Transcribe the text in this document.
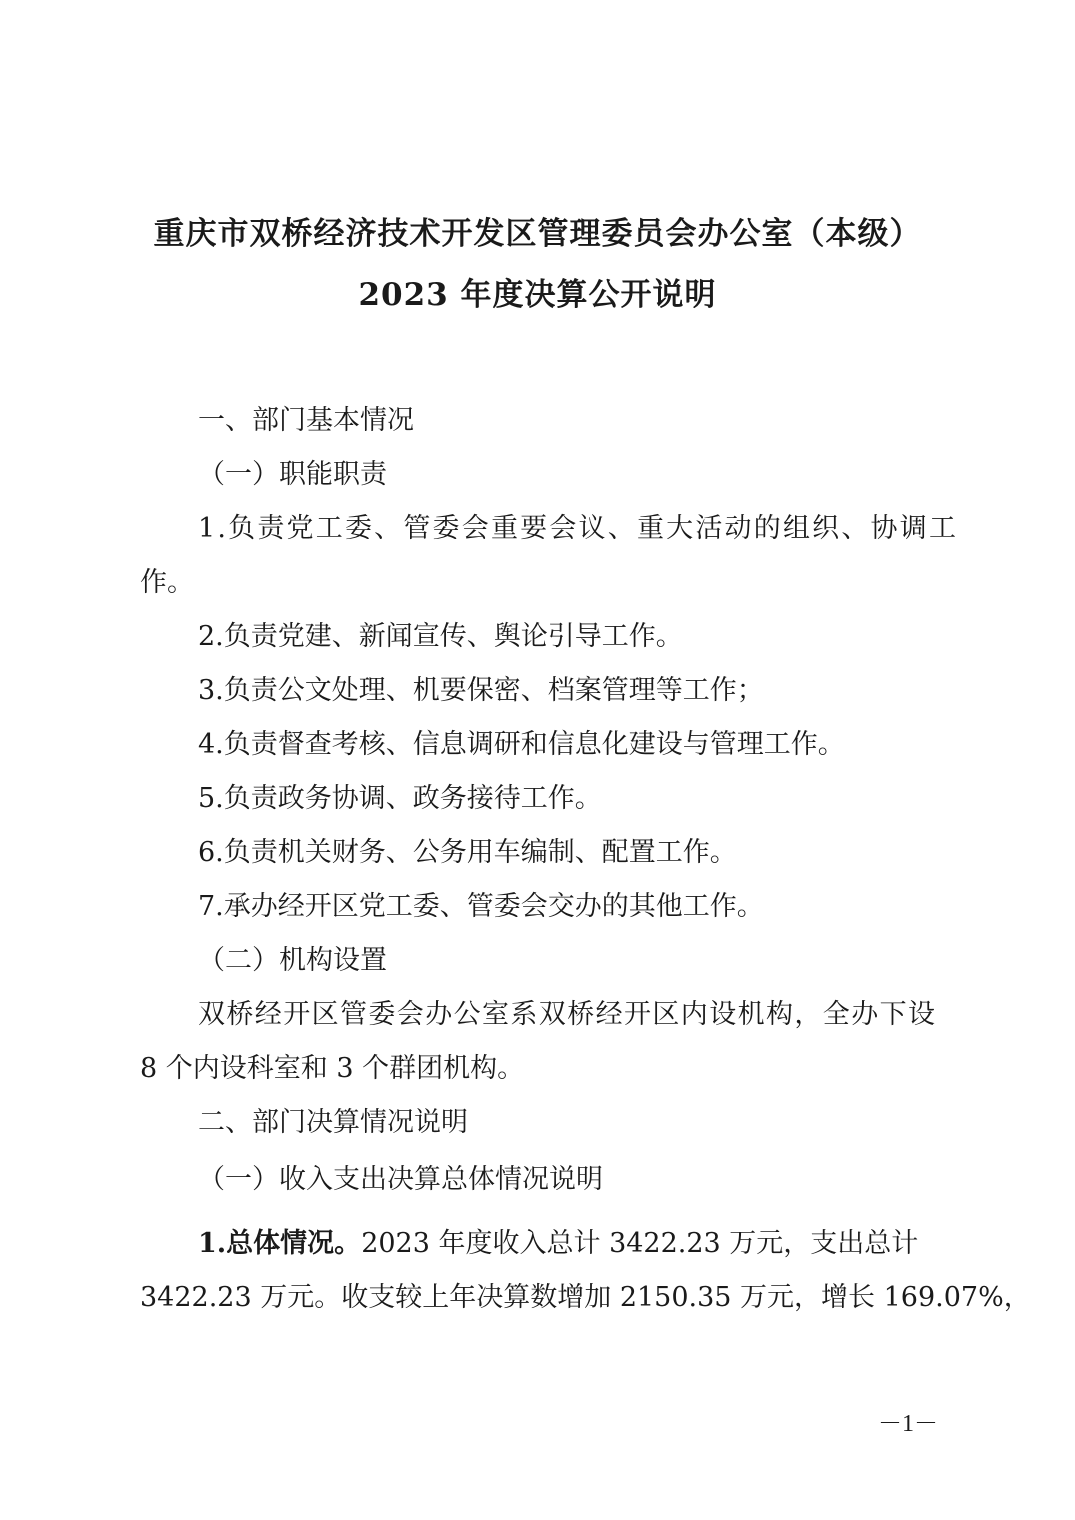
重庆市双桥经济技术开发区管理委员会办公室（本级）
2023 年度决算公开说明
一、部门基本情况
（一）职能职责
1.负责党工委、管委会重要会议、重大活动的组织、协调工
作。
2.负责党建、新闻宣传、舆论引导工作。
3.负责公文处理、机要保密、档案管理等工作；
4.负责督查考核、信息调研和信息化建设与管理工作。
5.负责政务协调、政务接待工作。
6.负责机关财务、公务用车编制、配置工作。
7.承办经开区党工委、管委会交办的其他工作。
（二）机构设置
双桥经开区管委会办公室系双桥经开区内设机构，全办下设
8 个内设科室和 3 个群团机构。
二、部门决算情况说明
（一）收入支出决算总体情况说明
1.总体情况。2023 年度收入总计 3422.23 万元，支出总计
3422.23 万元。收支较上年决算数增加 2150.35 万元，增长 169.07%，
－1－
